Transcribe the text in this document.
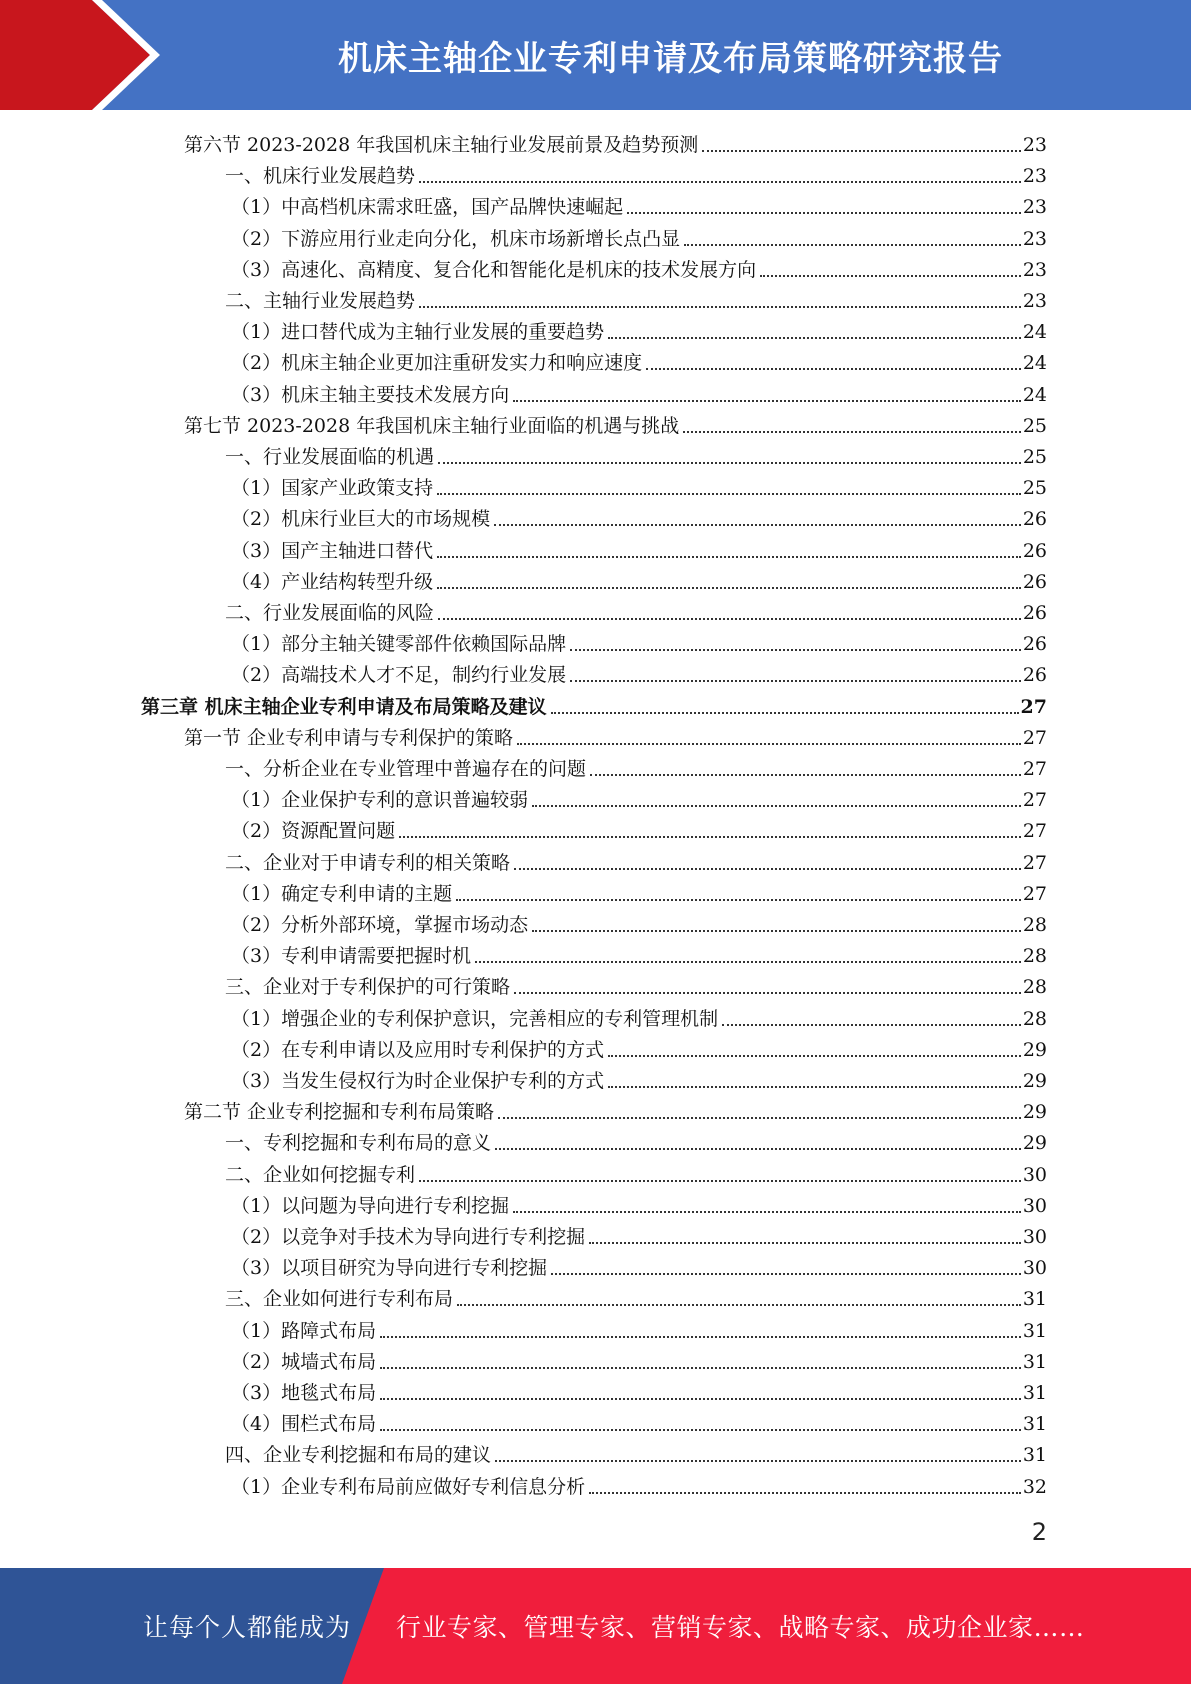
机床主轴企业专利申请及布局策略研究报告
第六节 2023-2028 年我国机床主轴行业发展前景及趋势预测	23
一、机床行业发展趋势	23
（1）中高档机床需求旺盛，国产品牌快速崛起	23
（2）下游应用行业走向分化，机床市场新增长点凸显	23
（3）高速化、高精度、复合化和智能化是机床的技术发展方向	23
二、主轴行业发展趋势	23
（1）进口替代成为主轴行业发展的重要趋势	24
（2）机床主轴企业更加注重研发实力和响应速度	24
（3）机床主轴主要技术发展方向	24
第七节 2023-2028 年我国机床主轴行业面临的机遇与挑战	25
一、行业发展面临的机遇	25
（1）国家产业政策支持	25
（2）机床行业巨大的市场规模	26
（3）国产主轴进口替代	26
（4）产业结构转型升级	26
二、行业发展面临的风险	26
（1）部分主轴关键零部件依赖国际品牌	26
（2）高端技术人才不足，制约行业发展	26
第三章 机床主轴企业专利申请及布局策略及建议	27
第一节 企业专利申请与专利保护的策略	27
一、分析企业在专业管理中普遍存在的问题	27
（1）企业保护专利的意识普遍较弱	27
（2）资源配置问题	27
二、企业对于申请专利的相关策略	27
（1）确定专利申请的主题	27
（2）分析外部环境，掌握市场动态	28
（3）专利申请需要把握时机	28
三、企业对于专利保护的可行策略	28
（1）增强企业的专利保护意识，完善相应的专利管理机制	28
（2）在专利申请以及应用时专利保护的方式	29
（3）当发生侵权行为时企业保护专利的方式	29
第二节 企业专利挖掘和专利布局策略	29
一、专利挖掘和专利布局的意义	29
二、企业如何挖掘专利	30
（1）以问题为导向进行专利挖掘	30
（2）以竞争对手技术为导向进行专利挖掘	30
（3）以项目研究为导向进行专利挖掘	30
三、企业如何进行专利布局	31
（1）路障式布局	31
（2）城墙式布局	31
（3）地毯式布局	31
（4）围栏式布局	31
四、企业专利挖掘和布局的建议	31
（1）企业专利布局前应做好专利信息分析	32
2
让每个人都能成为 行业专家、管理专家、营销专家、战略专家、成功企业家……
